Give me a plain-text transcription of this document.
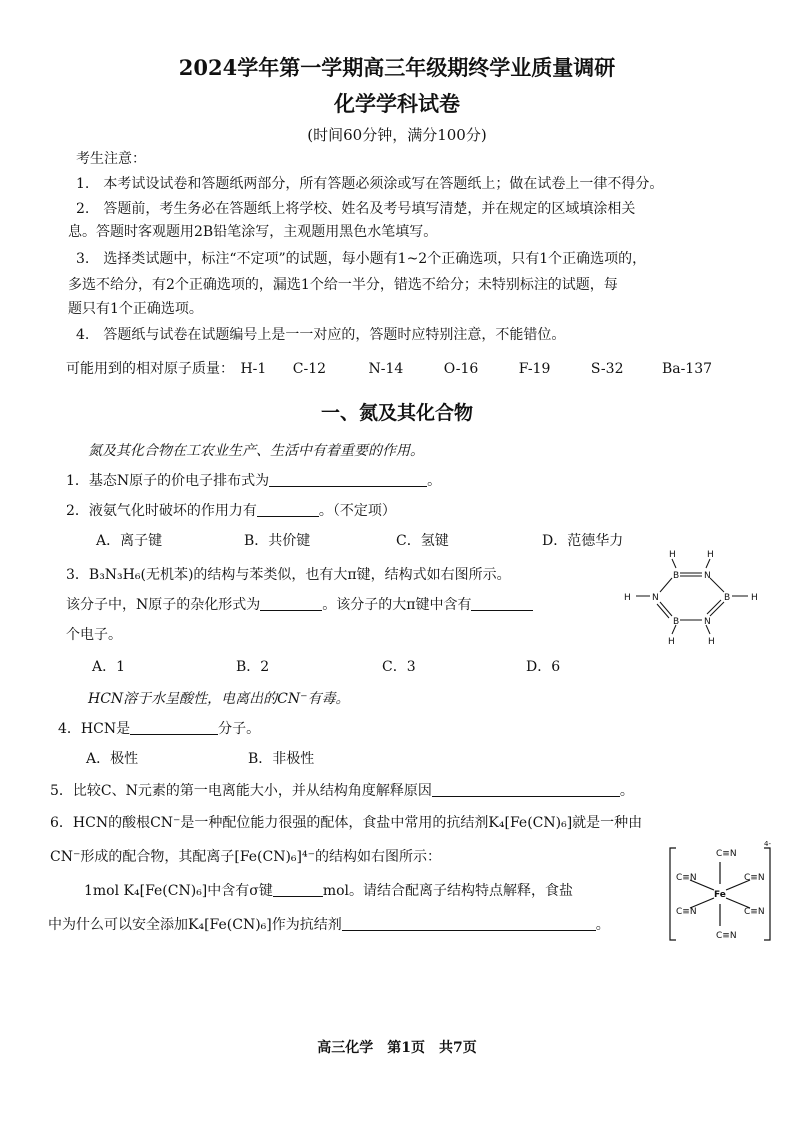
2024学年第一学期高三年级期终学业质量调研
化学学科试卷
(时间60分钟，满分100分)
考生注意：
1.　本考试设试卷和答题纸两部分，所有答题必须涂或写在答题纸上；做在试卷上一律不得分。
2.　答题前，考生务必在答题纸上将学校、姓名及考号填写清楚，并在规定的区域填涂相关
息。答题时客观题用2B铅笔涂写，主观题用黑色水笔填写。
3.　选择类试题中，标注“不定项”的试题，每小题有1~2个正确选项，只有1个正确选项的，
多选不给分，有2个正确选项的，漏选1个给一半分，错选不给分；未特别标注的试题，每
题只有1个正确选项。
4.　答题纸与试卷在试题编号上是一一对应的，答题时应特别注意，不能错位。
可能用到的相对原子质量： H-1 C-12	N-14	O-16	F-19	S-32	Ba-137
一、氮及其化合物
氮及其化合物在工农业生产、生活中有着重要的作用。
1．基态N原子的价电子排布式为	。
2．液氨气化时破坏的作用力有	。（不定项）
A．离子键	B．共价键	C．氢键	D．范德华力
3．B₃N₃H₆(无机苯)的结构与苯类似，也有大π键，结构式如右图所示。
该分子中，N原子的杂化形式为	。该分子的大π键中含有
个电子。
A．1	B．2	C．3	D．6
H
B	N
H
H N	B H
N
B
H
H
HCN溶于水呈酸性，电离出的CN⁻有毒。
4．HCN是	分子。
A．极性	B．非极性
5．比较C、N元素的第一电离能大小，并从结构角度解释原因	。
6．HCN的酸根CN⁻是一种配位能力很强的配体，食盐中常用的抗结剂K₄[Fe(CN)₆]就是一种由
CN⁻形成的配合物，其配离子[Fe(CN)₆]⁴⁻的结构如右图所示：
1mol K₄[Fe(CN)₆]中含有σ键	mol。请结合配离子结构特点解释，食盐
中为什么可以安全添加K₄[Fe(CN)₆]作为抗结剂	。
C≡N
C≡N	C≡N
Fe
C≡N	C≡N
C≡N
4-
高三化学　第1页　共7页
